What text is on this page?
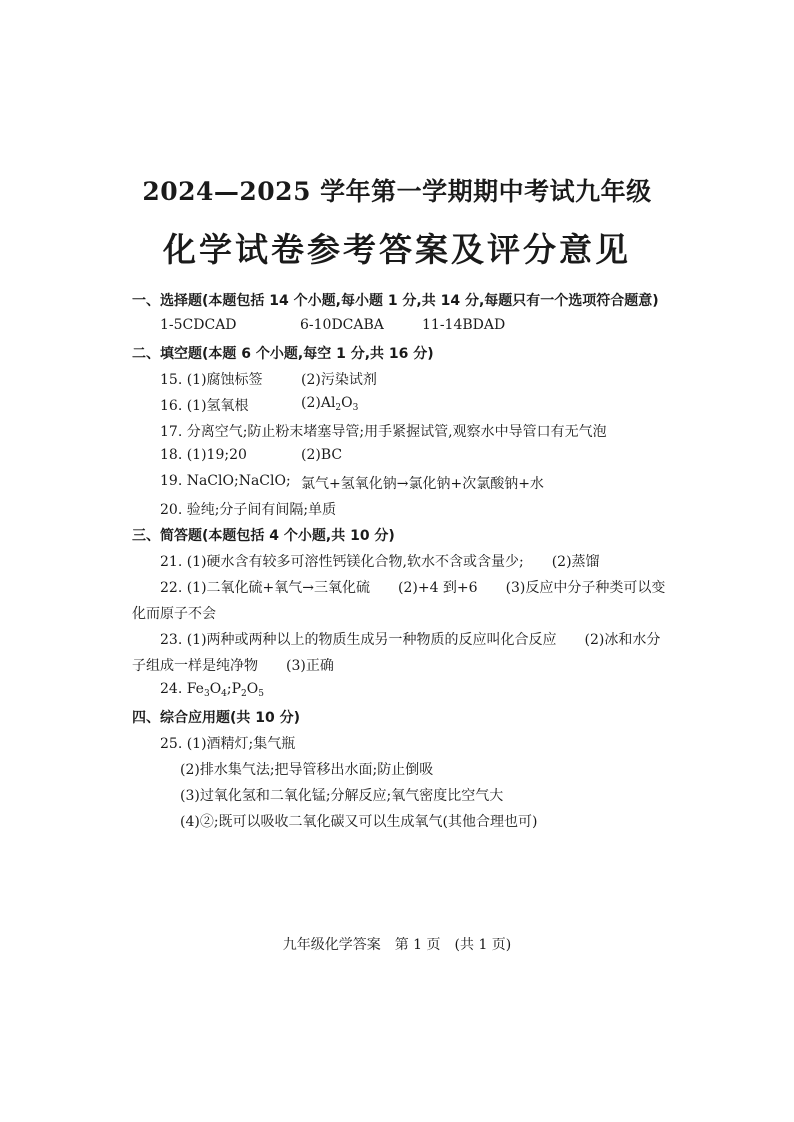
2024—2025 学年第一学期期中考试九年级
化学试卷参考答案及评分意见
一、选择题(本题包括 14 个小题,每小题 1 分,共 14 分,每题只有一个选项符合题意)
1-5CDCAD	6-10DCABA	11-14BDAD
二、填空题(本题 6 个小题,每空 1 分,共 16 分)
15. (1)腐蚀标签	(2)污染试剂
16. (1)氢氧根	$(2)Al_2O_3$
17. 分离空气;防止粉末堵塞导管;用手紧握试管,观察水中导管口有无气泡
18. (1)19;20	(2)BC
19. NaClO;NaClO; 氯气+氢氧化钠→氯化钠+次氯酸钠+水
20. 验纯;分子间有间隔;单质
三、简答题(本题包括 4 个小题,共 10 分)
21. (1)硬水含有较多可溶性钙镁化合物,软水不含或含量少;　　(2)蒸馏
22. (1)二氧化硫+氧气→三氧化硫　　(2)+4 到+6　　(3)反应中分子种类可以变
化而原子不会
23. (1)两种或两种以上的物质生成另一种物质的反应叫化合反应　　(2)冰和水分
子组成一样是纯净物　　(3)正确
24. $Fe_3O_4;P_2O_5$
四、综合应用题(共 10 分)
25. (1)酒精灯;集气瓶
(2)排水集气法;把导管移出水面;防止倒吸
(3)过氧化氢和二氧化锰;分解反应;氧气密度比空气大
(4)②;既可以吸收二氧化碳又可以生成氧气(其他合理也可)
九年级化学答案　第 1 页　(共 1 页)
